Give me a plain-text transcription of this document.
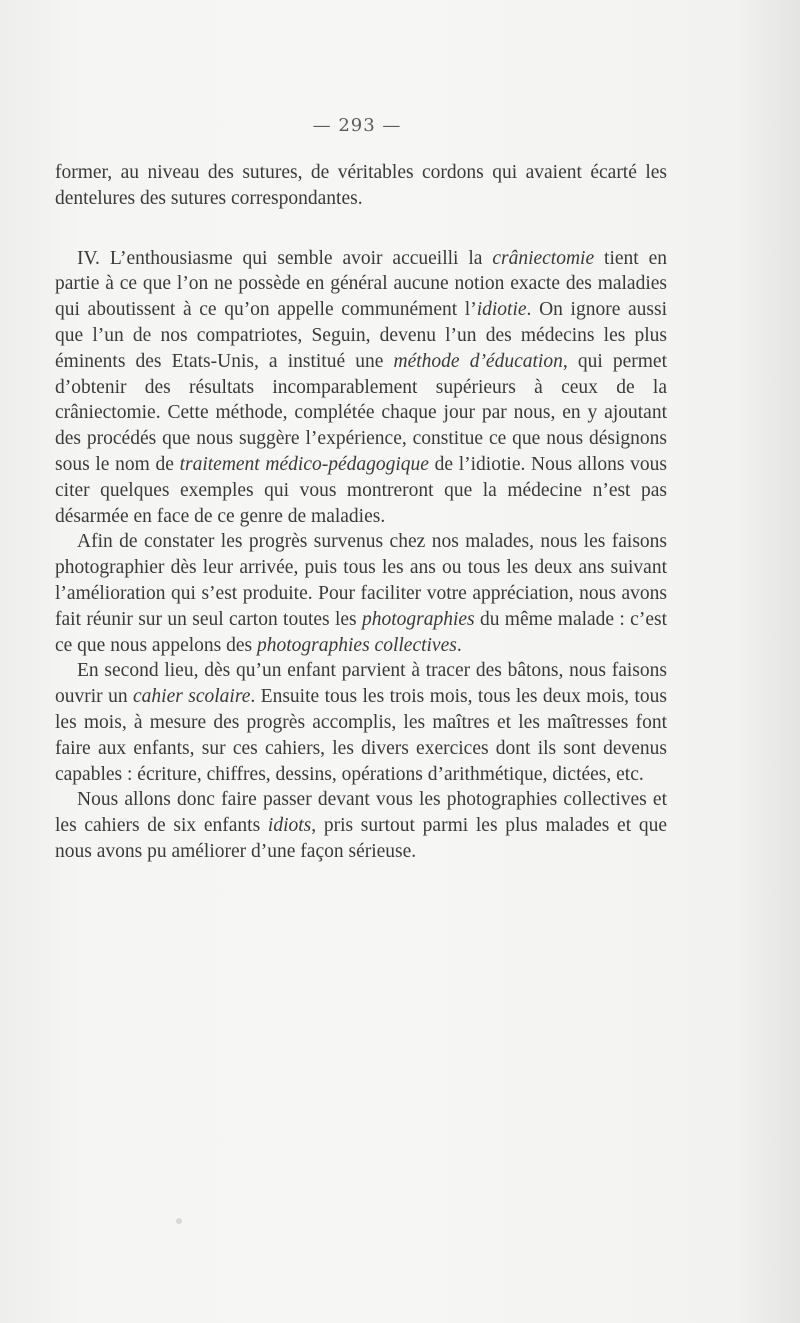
— 293 —

former, au niveau des sutures, de véritables cordons qui avaient écarté les dentelures des sutures correspondantes.

IV. L’enthousiasme qui semble avoir accueilli la crâniectomie tient en partie à ce que l’on ne possède en général aucune notion exacte des maladies qui aboutissent à ce qu’on appelle communément l’idiotie. On ignore aussi que l’un de nos compatriotes, Seguin, devenu l’un des médecins les plus éminents des Etats-Unis, a institué une méthode d’éducation, qui permet d’obtenir des résultats incomparablement supérieurs à ceux de la crâniectomie. Cette méthode, complétée chaque jour par nous, en y ajoutant des procédés que nous suggère l’expérience, constitue ce que nous désignons sous le nom de traitement médico-pédagogique de l’idiotie. Nous allons vous citer quelques exemples qui vous montreront que la médecine n’est pas désarmée en face de ce genre de maladies.

Afin de constater les progrès survenus chez nos malades, nous les faisons photographier dès leur arrivée, puis tous les ans ou tous les deux ans suivant l’amélioration qui s’est produite. Pour faciliter votre appréciation, nous avons fait réunir sur un seul carton toutes les photographies du même malade : c’est ce que nous appelons des photographies collectives.

En second lieu, dès qu’un enfant parvient à tracer des bâtons, nous faisons ouvrir un cahier scolaire. Ensuite tous les trois mois, tous les deux mois, tous les mois, à mesure des progrès accomplis, les maîtres et les maîtresses font faire aux enfants, sur ces cahiers, les divers exercices dont ils sont devenus capables : écriture, chiffres, dessins, opérations d’arithmétique, dictées, etc.

Nous allons donc faire passer devant vous les photographies collectives et les cahiers de six enfants idiots, pris surtout parmi les plus malades et que nous avons pu améliorer d’une façon sérieuse.
